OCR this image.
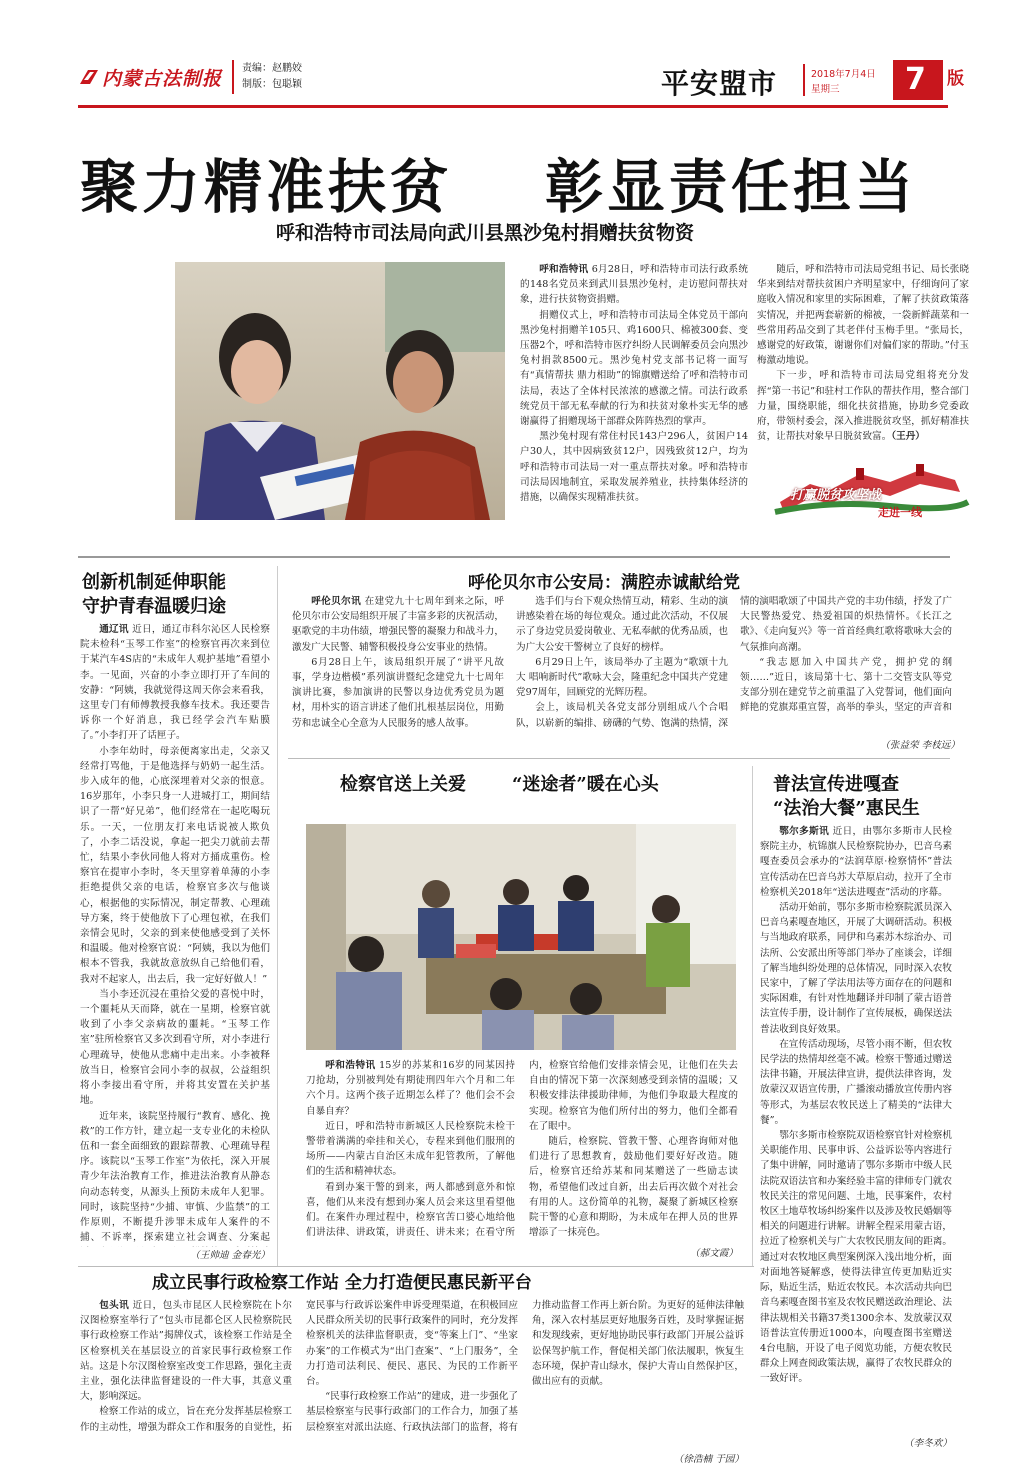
内蒙古法制报 责编：赵鹏姣
制版：包聪颖	平安盟市	2018年7月4日
星期三 7 版
聚力精准扶贫 彰显责任担当
呼和浩特市司法局向武川县黑沙兔村捐赠扶贫物资

呼和浩特讯 6月28日，呼和浩特市司法行政系统的148名党员来到武川县黑沙兔村，走访慰问帮扶对象，进行扶贫物资捐赠。

捐赠仪式上，呼和浩特市司法局全体党员干部向黑沙兔村捐赠羊105只、鸡1600只、棉被300套、变压器2个，呼和浩特市医疗纠纷人民调解委员会向黑沙兔村捐款8500元。黑沙兔村党支部书记将一面写有“真情帮扶 鼎力相助”的锦旗赠送给了呼和浩特市司法局，表达了全体村民浓浓的感激之情。司法行政系统党员干部无私奉献的行为和扶贫对象朴实无华的感谢赢得了捐赠现场干部群众阵阵热烈的掌声。

黑沙兔村现有常住村民143户296人，贫困户14户30人，其中因病致贫12户，因残致贫12户，均为呼和浩特市司法局一对一重点帮扶对象。呼和浩特市司法局因地制宜，采取发展养殖业，扶持集体经济的措施，以确保实现精准扶贫。

随后，呼和浩特市司法局党组书记、局长张晓华来到结对帮扶贫困户齐明星家中，仔细询问了家庭收入情况和家里的实际困难，了解了扶贫政策落实情况，并把两套崭新的棉被，一袋新鲜蔬菜和一些常用药品交到了其老伴付玉梅手里。“张局长，感谢党的好政策，谢谢你们对偏们家的帮助。”付玉梅激动地说。

下一步，呼和浩特市司法局党组将充分发挥“第一书记”和驻村工作队的帮扶作用，整合部门力量，围绕职能，细化扶贫措施，协助乡党委政府，带领村委会，深入推进脱贫攻坚，抓好精准扶贫，让帮扶对象早日脱贫致富。（王丹）

打赢脱贫攻坚战
走进一线
创新机制延伸职能
守护青春温暖归途

通辽讯 近日，通辽市科尔沁区人民检察院未检科“玉琴工作室”的检察官再次来到位于某汽车4S店的“未成年人观护基地”看望小李。一见面，兴奋的小李立即打开了车间的安静：“阿姨，我就觉得这周天你会来看我，这里专门有师傅教授我修车技术。我还要告诉你一个好消息，我已经学会汽车贴膜了。”小李打开了话匣子。

小李年幼时，母亲便离家出走，父亲又经常打骂他，于是他选择与奶奶一起生活。步入成年的他，心底深埋着对父亲的恨意。16岁那年，小李只身一人进城打工，期间结识了一帮“好兄弟”，他们经常在一起吃喝玩乐。一天，一位朋友打来电话说被人欺负了，小李二话没说，拿起一把尖刀就前去帮忙，结果小李伙同他人将对方捅成重伤。检察官在提审小李时，冬天里穿着单薄的小李拒绝提供父亲的电话，检察官多次与他谈心，根据他的实际情况，制定帮教、心理疏导方案，终于使他放下了心理包袱，在我们亲情会见时，父亲的到来使他感受到了关怀和温暖。他对检察官说：“阿姨，我以为他们根本不管我，我就故意放纵自己给他们看，我对不起家人，出去后，我一定好好做人！”

当小李还沉浸在重拾父爱的喜悦中时，一个噩耗从天而降，就在一星期，检察官就收到了小李父亲病故的噩耗。“玉琴工作室”驻所检察官又多次到看守所，对小李进行心理疏导，使他从悲痛中走出来。小李被释放当日，检察官会同小李的叔叔，公益组织将小李接出看守所，并将其安置在关护基地。

近年来，该院坚持履行“教育、感化、挽救”的工作方针，建立起一支专业化的未检队伍和一套全面细致的跟踪帮教、心理疏导程序。该院以“玉琴工作室”为依托，深入开展青少年法治教育工作，推进法治教育从静态向动态转变，从源头上预防未成年人犯罪。同时，该院坚持“少捕、审慎、少监禁”的工作原则，不断提升涉罪未成年人案件的不捕、不诉率，探索建立社会调查、分案起

（王帅迪 金春光）
呼伦贝尔市公安局：满腔赤诚献给党

呼伦贝尔讯 在建党九十七周年到来之际，呼伦贝尔市公安局组织开展了丰富多彩的庆祝活动，驱歌党的丰功伟绩，增强民警的凝聚力和战斗力，激发广大民警、辅警积极投身公安事业的热情。

6月28日上午，该局组织开展了“讲平凡故事，学身边楷模”系列演讲暨纪念建党九十七周年演讲比赛，参加演讲的民警以身边优秀党员为题材，用朴实的语言讲述了他们扎根基层岗位，用勤劳和忠诚全心全意为人民服务的感人故事。

选手们与台下观众热情互动，精彩、生动的演讲感染着在场的每位观众。通过此次活动，不仅展示了身边党员爱岗敬业、无私奉献的优秀品质，也为广大公安干警树立了良好的榜样。

6月29日上午，该局举办了主题为“歌颂十九大 唱响新时代”歌咏大会，隆重纪念中国共产党建党97周年，回顾党的光辉历程。

会上，该局机关各党支部分别组成八个合唱队，以崭新的编排、磅礴的气势、饱满的热情，深情的演唱歌颂了中国共产党的丰功伟绩，抒发了广大民警热爱党、热爱祖国的炽热情怀。《长江之歌》、《走向复兴》等一首首经典红歌将歌咏大会的气氛推向高潮。

“我志愿加入中国共产党，拥护党的纲领……”近日，该局第十七、第十二交管支队等党支部分别在建党节之前重温了入党誓词，他们面向鲜艳的党旗郑重宣誓，高举的拳头，坚定的声音和

（张益荣 李枝远）
检察官送上关爱	“迷途者”暖在心头

呼和浩特讯 15岁的苏某和16岁的同某因持刀抢劫，分别被判处有期徒刑四年六个月和二年六个月。这两个孩子近期怎么样了？他们会不会自暴自弃？

近日，呼和浩特市新城区人民检察院未检干警带着满满的牵挂和关心，专程来到他们服刑的场所——内蒙古自治区未成年犯管教所，了解他们的生活和精神状态。

看到办案干警的到来，两人都感到意外和惊喜，他们从来没有想到办案人员会来这里看望他们。在案件办理过程中，检察官苦口婆心地给他们讲法律、讲政策，讲责任、讲未来；在看守所内，检察官给他们安排亲情会见，让他们在失去自由的情况下第一次深刻感受到亲情的温暖；又积极安排法律援助律师，为他们争取最大程度的实现。检察官为他们所付出的努力，他们全都看在了眼中。

随后，检察院、管教干警、心理咨询师对他们进行了思想教育，鼓励他们要好好改造。随后，检察官还给苏某和同某赠送了一些励志读物，希望他们改过自新，出去后再次做个对社会有用的人。这份简单的礼物，凝聚了新城区检察院干警的心意和期盼，为未成年在押人员的世界增添了一抹亮色。

（郝文霞）
普法宣传进嘎查
“法治大餐”惠民生

鄂尔多斯讯 近日，由鄂尔多斯市人民检察院主办，杭锦旗人民检察院协办，巴音乌素嘎查委员会承办的“法润草原·检察情怀”普法宣传活动在巴音乌苏大草原启动，拉开了全市检察机关2018年“送法进嘎查”活动的序幕。

活动开始前，鄂尔多斯市检察院派员深入巴音乌素嘎查地区，开展了大调研活动。积极与当地政府联系，同伊和乌素苏木综治办、司法所、公安派出所等部门举办了座谈会，详细了解当地纠纷处理的总体情况，同时深入农牧民家中，了解了学法用法等方面存在的问题和实际困难，有针对性地翻译并印制了蒙古语普法宣传手册，设计制作了宣传展板，确保送法普法收到良好效果。

在宣传活动现场，尽管小雨不断，但农牧民学法的热情却丝毫不减。检察干警通过赠送法律书籍，开展法律宣讲，提供法律咨询，发放蒙汉双语宣传册，广播滚动播放宣传册内容等形式，为基层农牧民送上了精美的“法律大餐”。

鄂尔多斯市检察院双语检察官针对检察机关职能作用、民事申诉、公益诉讼等内容进行了集中讲解，同时邀请了鄂尔多斯市中级人民法院双语法官和办案经验丰富的律师专门就农牧民关注的常见问题、土地，民事案件，农村牧区土地草牧场纠纷案件以及涉及牧民婚姻等相关的问题进行讲解。讲解全程采用蒙古语，拉近了检察机关与广大农牧民朋友间的距离。通过对农牧地区典型案例深入浅出地分析，面对面地答疑解惑，使得法律宣传更加贴近实际，贴近生活，贴近农牧民。本次活动共向巴音乌素嘎查图书室及农牧民赠送政治理论、法律法规相关书籍37类1300余本、发放蒙汉双语普法宣传册近1000本，向嘎查图书室赠送4台电脑，开设了电子阅览功能，方便农牧民群众上网查阅政策法规，赢得了农牧民群众的一致好评。

（李冬欢）
成立民事行政检察工作站 全力打造便民惠民新平台

包头讯 近日，包头市昆区人民检察院在卜尔汉图检察室举行了“包头市昆都仑区人民检察院民事行政检察工作站”揭牌仪式，该检察工作站是全区检察机关在基层设立的首家民事行政检察工作站。这是卜尔汉图检察室改变工作思路，强化主责主业，强化法律监督建设的一件大事，其意义重大，影响深远。

检察工作站的成立，旨在充分发挥基层检察工作的主动性，增强为群众工作和服务的自觉性，拓宽民事与行政诉讼案件申诉受理渠道，在积极回应人民群众所关切的民事行政案件的同时，充分发挥检察机关的法律监督职责，变“等案上门”、“坐家办案”的工作模式为“出门查案”、“上门服务”，全力打造司法利民、便民、惠民、为民的工作新平台。

“民事行政检察工作站”的建成，进一步强化了基层检察室与民事行政部门的工作合力，加强了基层检察室对派出法庭、行政执法部门的监督，将有力推动监督工作再上新台阶。为更好的延伸法律触角，深入农村基层更好地服务百姓，及时掌握证据和发现线索，更好地协助民事行政部门开展公益诉讼保驾护航工作，督促相关部门依法履职，恢复生态环境，保护青山绿水，保护大青山自然保护区，做出应有的贡献。

（徐浩楠 于园）
